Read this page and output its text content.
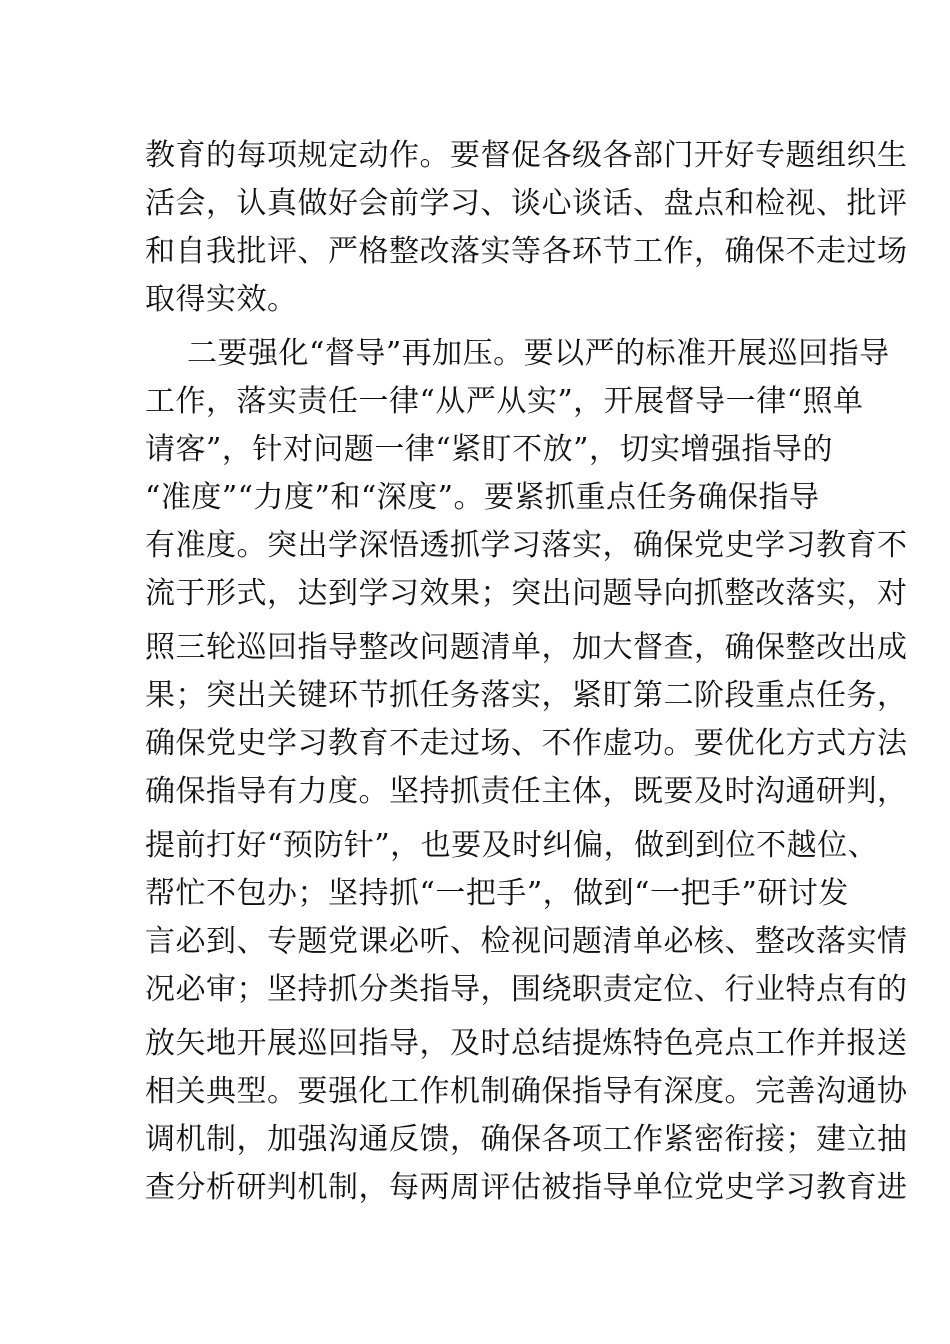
教育的每项规定动作。要督促各级各部门开好专题组织生
活会，认真做好会前学习、谈心谈话、盘点和检视、批评
和自我批评、严格整改落实等各环节工作，确保不走过场
取得实效。
二要强化“督导”再加压。要以严的标准开展巡回指导
工作，落实责任一律“从严从实”，开展督导一律“照单
请客”，针对问题一律“紧盯不放”，切实增强指导的
“准度”“力度”和“深度”。要紧抓重点任务确保指导
有准度。突出学深悟透抓学习落实，确保党史学习教育不
流于形式，达到学习效果；突出问题导向抓整改落实，对
照三轮巡回指导整改问题清单，加大督查，确保整改出成
果；突出关键环节抓任务落实，紧盯第二阶段重点任务，
确保党史学习教育不走过场、不作虚功。要优化方式方法
确保指导有力度。坚持抓责任主体，既要及时沟通研判，
提前打好“预防针”，也要及时纠偏，做到到位不越位、
帮忙不包办；坚持抓“一把手”，做到“一把手”研讨发
言必到、专题党课必听、检视问题清单必核、整改落实情
况必审；坚持抓分类指导，围绕职责定位、行业特点有的
放矢地开展巡回指导，及时总结提炼特色亮点工作并报送
相关典型。要强化工作机制确保指导有深度。完善沟通协
调机制，加强沟通反馈，确保各项工作紧密衔接；建立抽
查分析研判机制，每两周评估被指导单位党史学习教育进
